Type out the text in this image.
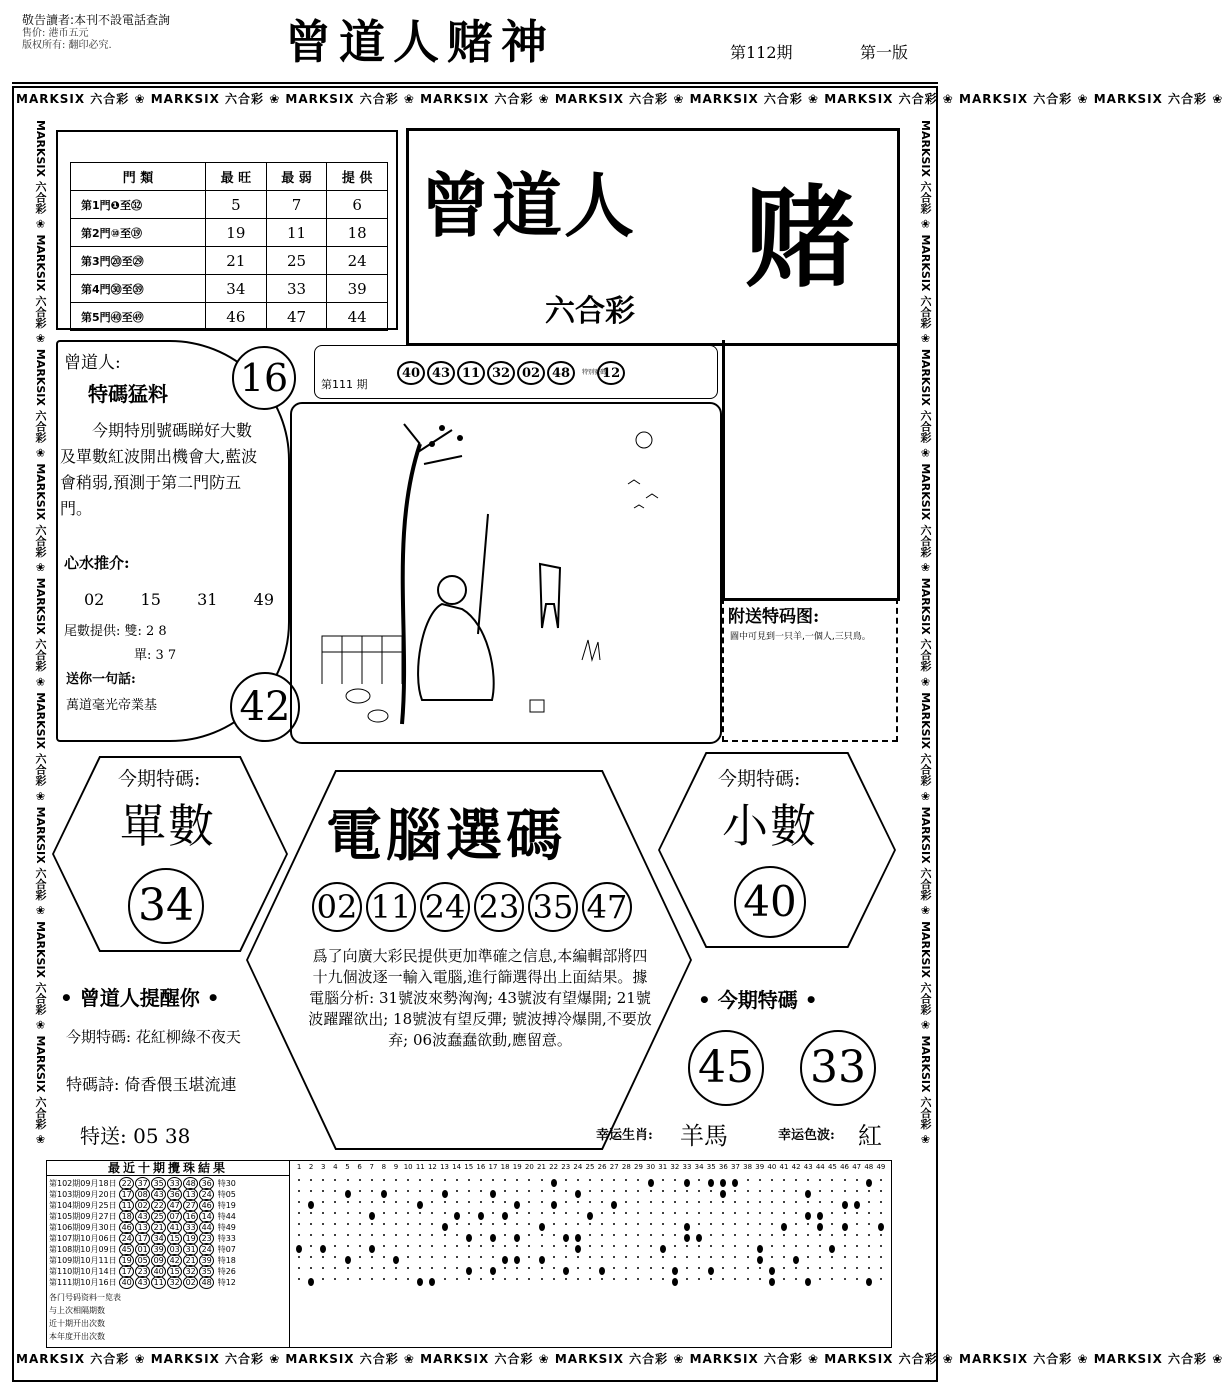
敬告讀者:本刊不設電話查詢
售价: 港币五元
版权所有: 翻印必究.	曾道人赌神	第112期	第一版
MARKSIX 六合彩 ❀ MARKSIX 六合彩 ❀ MARKSIX 六合彩 ❀ MARKSIX 六合彩 ❀ MARKSIX 六合彩 ❀ MARKSIX 六合彩 ❀ MARKSIX 六合彩 ❀ MARKSIX 六合彩 ❀ MARKSIX 六合彩 ❀
MARKSIX 六合彩 ❀ MARKSIX 六合彩 ❀ MARKSIX 六合彩 ❀ MARKSIX 六合彩 ❀ MARKSIX 六合彩 ❀ MARKSIX 六合彩 ❀ MARKSIX 六合彩 ❀ MARKSIX 六合彩 ❀ MARKSIX 六合彩 ❀
MARKSIX 六合彩 ❀ MARKSIX 六合彩 ❀ MARKSIX 六合彩 ❀ MARKSIX 六合彩 ❀ MARKSIX 六合彩 ❀ MARKSIX 六合彩 ❀ MARKSIX 六合彩 ❀ MARKSIX 六合彩 ❀ MARKSIX 六合彩 ❀	MARKSIX 六合彩 ❀ MARKSIX 六合彩 ❀ MARKSIX 六合彩 ❀ MARKSIX 六合彩 ❀ MARKSIX 六合彩 ❀ MARKSIX 六合彩 ❀ MARKSIX 六合彩 ❀ MARKSIX 六合彩 ❀ MARKSIX 六合彩 ❀
門 類	最 旺	最 弱	提 供
第1門❶至㉜	5	7	6
第2門⑩至⑲	19	11	18
第3門⑳至㉙	21	25	24
第4門㉚至㊴	34	33	39
第5門㊵至㊾	46	47	44
曾道人 赌
六合彩
第111 期
40 43 11 32 02 48 特别號碼 12
曾道人:
特碼猛料 16
今期特別號碼睇好大數及單數紅波開出機會大,藍波會稍弱,預測于第二門防五門。
心水推介:
02 15 31 49
尾數提供: 雙: 2 8
單: 3 7
送你一句話:
萬道毫光帝業基 42
附送特码图:
圖中可見到一只羊,一個人,三只鳥。
今期特碼:
單數
34
今期特碼:
小數
40
電腦選碼
02 11 24 23 35 47
爲了向廣大彩民提供更加準確之信息,本編輯部將四十九個波逐一輸入電腦,進行篩選得出上面結果。據電腦分析: 31號波來勢洶洶; 43號波有望爆開; 21號波躍躍欲出; 18號波有望反彈; 號波搏冷爆開,不要放弃; 06波蠢蠢欲動,應留意。
• 曾道人提醒你 •
今期特碼: 花紅柳綠不夜天
特碼詩: 倚香偎玉堪流連
特送: 05 38
• 今期特碼 •
45 33
幸运生肖: 羊馬	幸运色波: 紅
最近十期攪珠結果
第102期09月18日 22 37 35 33 48 36 特30
第103期09月20日 17 08 43 36 13 24 特05
第104期09月25日 11 02 22 47 27 46 特19
第105期09月27日 18 43 25 07 16 14 特44
第106期09月30日 46 13 21 41 33 44 特49
第107期10月06日 24 17 34 15 19 23 特33
第108期10月09日 45 01 39 03 31 24 特07
第109期10月11日 19 05 09 42 21 39 特18
第110期10月14日 17 23 40 15 32 35 特26
第111期10月16日 40 43 11 32 02 48 特12
各门号码资料一览表
与上次相隔期数
近十期开出次数
本年度开出次数
1	2	3	4	5	6	7	8	9 10 11 12 13 14 15 16 17 18 19 20 21 22 23 24 25 26 27 28 29 30 31 32 33 34 35 36 37 38 39 40 41 42 43 44 45 46 47 48 49
